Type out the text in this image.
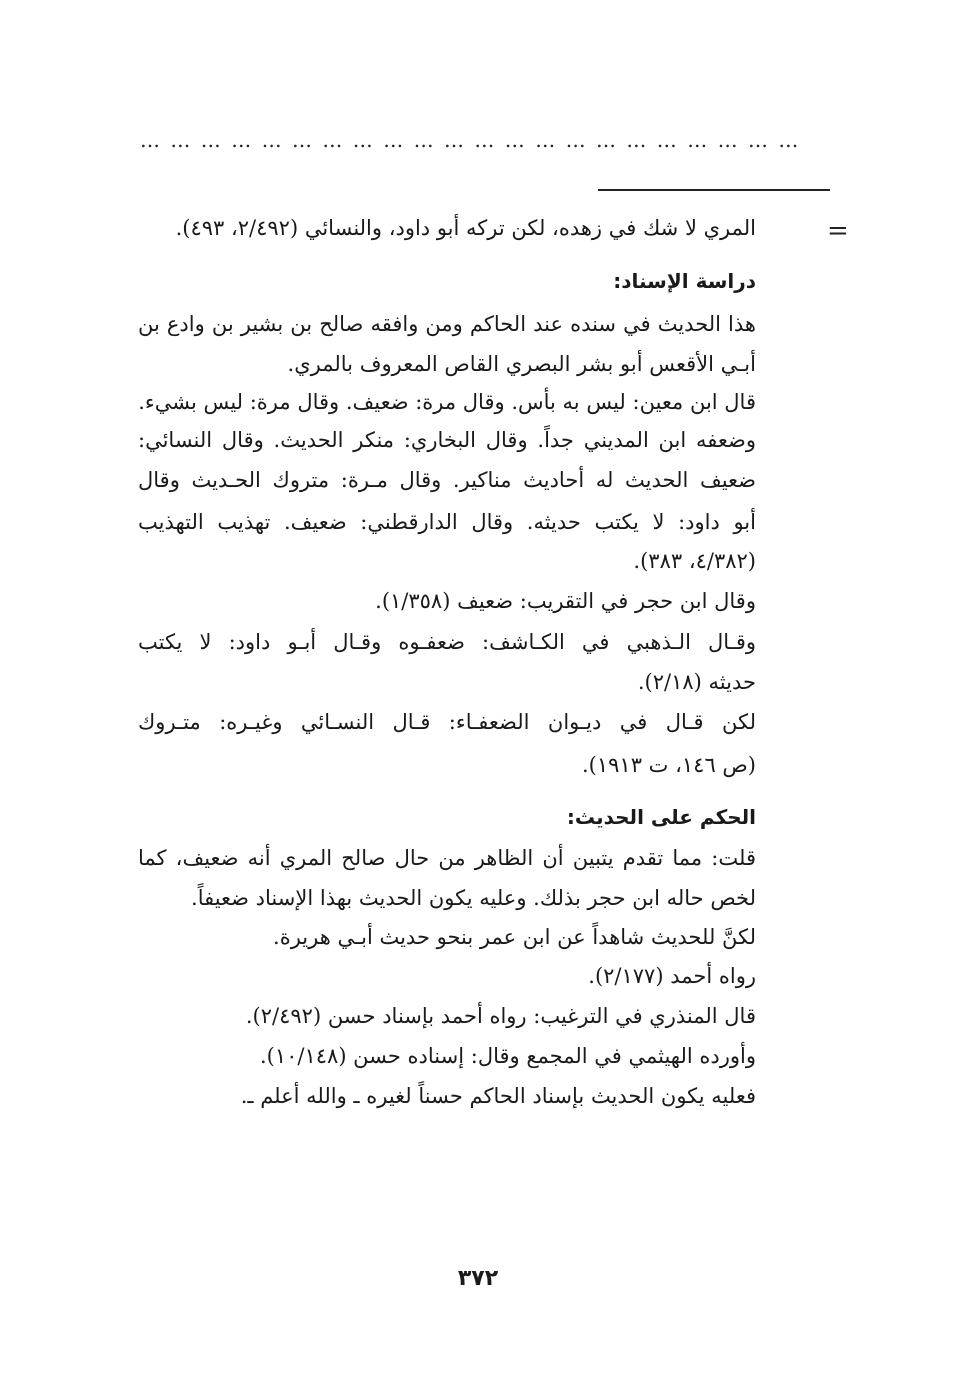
…………………………………………………………
=
المري لا شك في زهده، لكن تركه أبو داود، والنسائي (٢/٤٩٢، ٤٩٣).
دراسة الإسناد:
هذا الحديث في سنده عند الحاكم ومن وافقه صالح بن بشير بن وادع بن
أبـي الأقعس أبو بشر البصري القاص المعروف بالمري.
قال ابن معين: ليس به بأس. وقال مرة: ضعيف. وقال مرة: ليس بشيء.
وضعفه ابن المديني جداً. وقال البخاري: منكر الحديث. وقال النسائي:
ضعيف الحديث له أحاديث مناكير. وقال مـرة: متروك الحـديث وقال
أبو داود: لا يكتب حديثه. وقال الدارقطني: ضعيف. تهذيب التهذيب
(٤/٣٨٢، ٣٨٣).
وقال ابن حجر في التقريب: ضعيف (١/٣٥٨).
وقـال الـذهبي في الكـاشف: ضعفـوه وقـال أبـو داود: لا يكتب
حديثه (٢/١٨).
لكن قـال في ديـوان الضعفـاء: قـال النسـائي وغيـره: متـروك
(ص ١٤٦، ت ١٩١٣).
الحكم على الحديث:
قلت: مما تقدم يتبين أن الظاهر من حال صالح المري أنه ضعيف، كما
لخص حاله ابن حجر بذلك. وعليه يكون الحديث بهذا الإسناد ضعيفاً.
لكنَّ للحديث شاهداً عن ابن عمر بنحو حديث أبـي هريرة.
رواه أحمد (٢/١٧٧).
قال المنذري في الترغيب: رواه أحمد بإسناد حسن (٢/٤٩٢).
وأورده الهيثمي في المجمع وقال: إسناده حسن (١٠/١٤٨).
فعليه يكون الحديث بإسناد الحاكم حسناً لغيره ـ والله أعلم ـ.
٣٧٢
